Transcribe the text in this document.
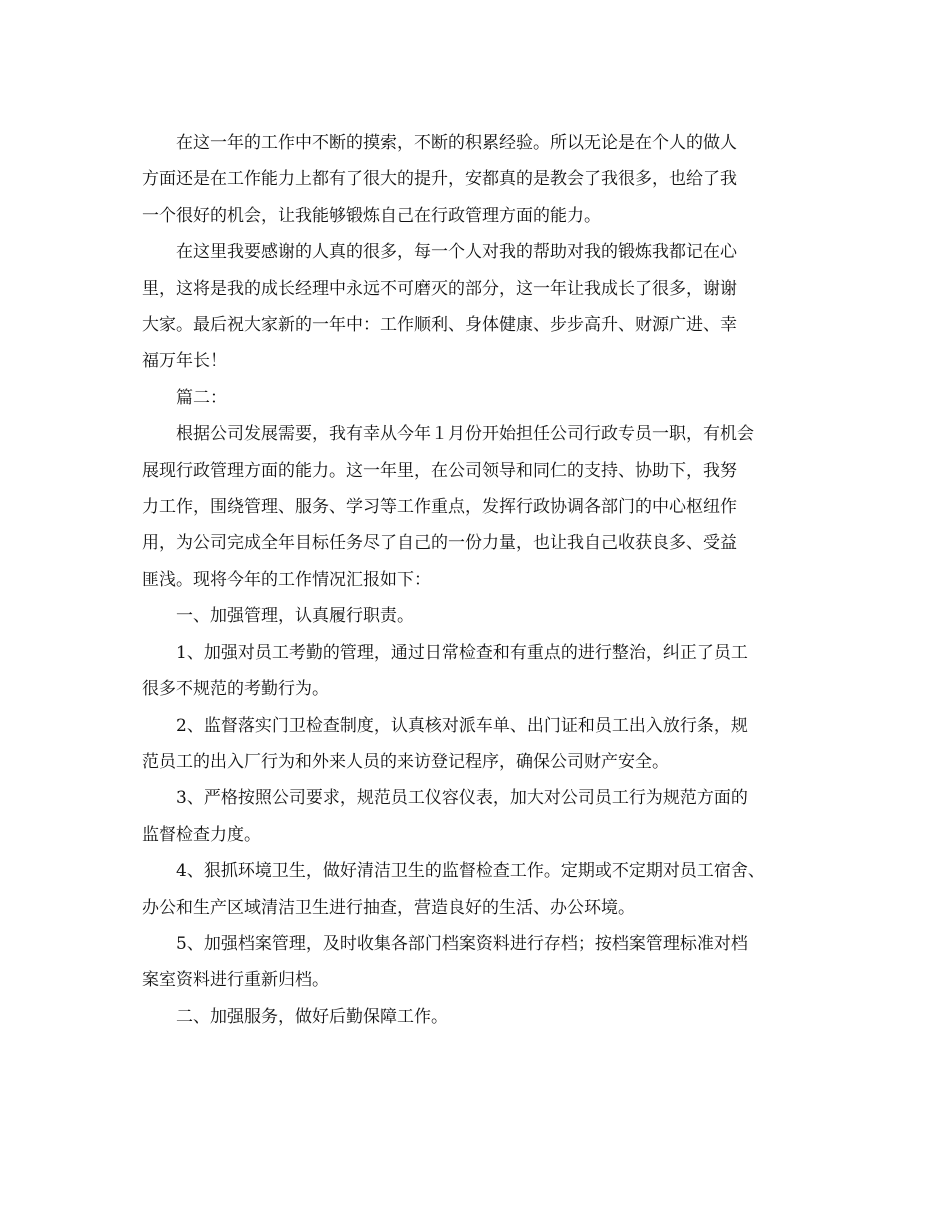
在这一年的工作中不断的摸索，不断的积累经验。所以无论是在个人的做人
方面还是在工作能力上都有了很大的提升，安都真的是教会了我很多，也给了我
一个很好的机会，让我能够锻炼自己在行政管理方面的能力。

在这里我要感谢的人真的很多，每一个人对我的帮助对我的锻炼我都记在心
里，这将是我的成长经理中永远不可磨灭的部分，这一年让我成长了很多，谢谢
大家。最后祝大家新的一年中：工作顺利、身体健康、步步高升、财源广进、幸
福万年长！

篇二：

根据公司发展需要，我有幸从今年１月份开始担任公司行政专员一职，有机会
展现行政管理方面的能力。这一年里，在公司领导和同仁的支持、协助下，我努
力工作，围绕管理、服务、学习等工作重点，发挥行政协调各部门的中心枢纽作
用，为公司完成全年目标任务尽了自己的一份力量，也让我自己收获良多、受益
匪浅。现将今年的工作情况汇报如下：

一、加强管理，认真履行职责。

1、加强对员工考勤的管理，通过日常检查和有重点的进行整治，纠正了员工
很多不规范的考勤行为。

2、监督落实门卫检查制度，认真核对派车单、出门证和员工出入放行条，规
范员工的出入厂行为和外来人员的来访登记程序，确保公司财产安全。

3、严格按照公司要求，规范员工仪容仪表，加大对公司员工行为规范方面的
监督检查力度。

4、狠抓环境卫生，做好清洁卫生的监督检查工作。定期或不定期对员工宿舍、
办公和生产区域清洁卫生进行抽查，营造良好的生活、办公环境。

5、加强档案管理，及时收集各部门档案资料进行存档；按档案管理标准对档
案室资料进行重新归档。

二、加强服务，做好后勤保障工作。
